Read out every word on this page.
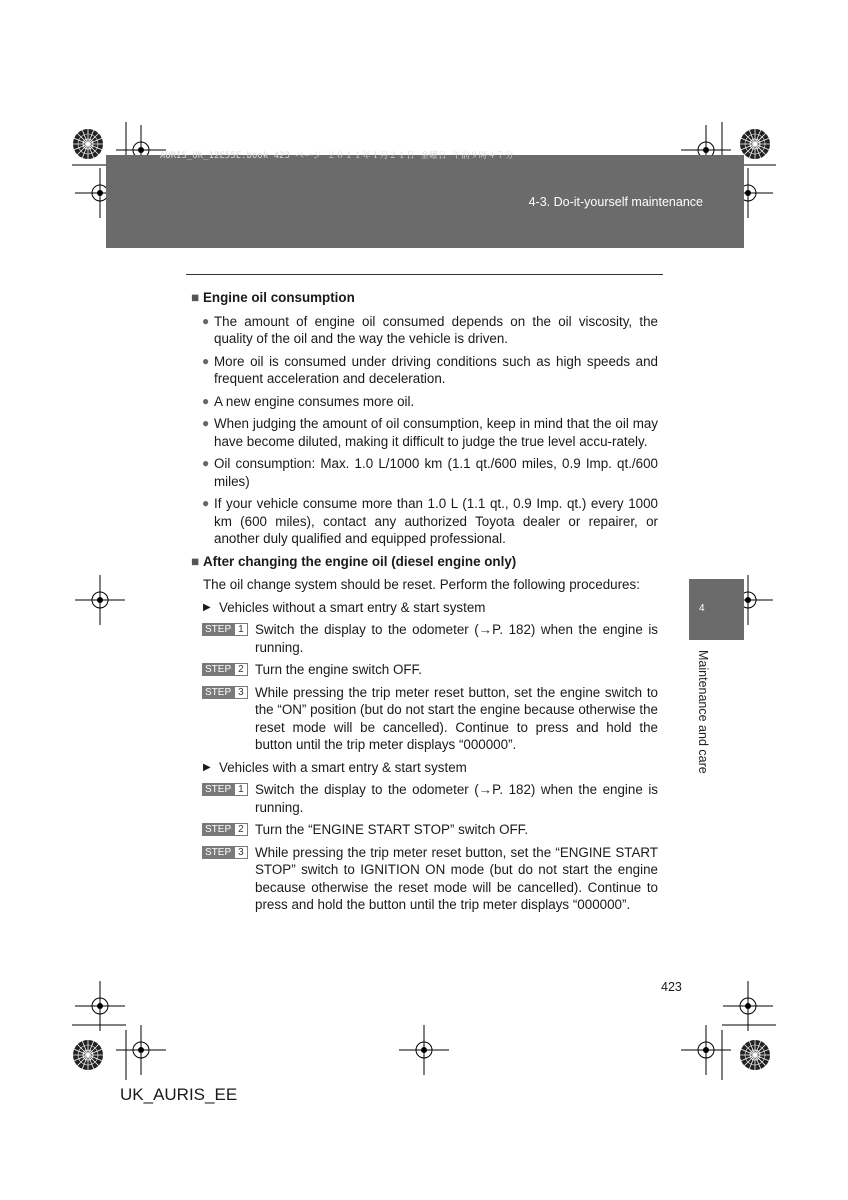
AURIS_UK_12E55E.book 423 ページ ２０１１年１月２１日 金曜日 午前９時４７分
4-3. Do-it-yourself maintenance
■ Engine oil consumption
● The amount of engine oil consumed depends on the oil viscosity, the quality of the oil and the way the vehicle is driven.
● More oil is consumed under driving conditions such as high speeds and frequent acceleration and deceleration.
● A new engine consumes more oil.
● When judging the amount of oil consumption, keep in mind that the oil may have become diluted, making it difficult to judge the true level accu-rately.
● Oil consumption: Max. 1.0 L/1000 km (1.1 qt./600 miles, 0.9 Imp. qt./600 miles)
● If your vehicle consume more than 1.0 L (1.1 qt., 0.9 Imp. qt.) every 1000 km (600 miles), contact any authorized Toyota dealer or repairer, or another duly qualified and equipped professional.
■ After changing the engine oil (diesel engine only)
The oil change system should be reset. Perform the following procedures:
▶ Vehicles without a smart entry & start system
STEP 1 Switch the display to the odometer (→P. 182) when the engine is running.
STEP 2 Turn the engine switch OFF.
STEP 3 While pressing the trip meter reset button, set the engine switch to the “ON” position (but do not start the engine because otherwise the reset mode will be cancelled). Continue to press and hold the button until the trip meter displays “000000”.
▶ Vehicles with a smart entry & start system
STEP 1 Switch the display to the odometer (→P. 182) when the engine is running.
STEP 2 Turn the “ENGINE START STOP” switch OFF.
STEP 3 While pressing the trip meter reset button, set the “ENGINE START STOP” switch to IGNITION ON mode (but do not start the engine because otherwise the reset mode will be cancelled). Continue to press and hold the button until the trip meter displays “000000”.
4
Maintenance and care
423
UK_AURIS_EE
